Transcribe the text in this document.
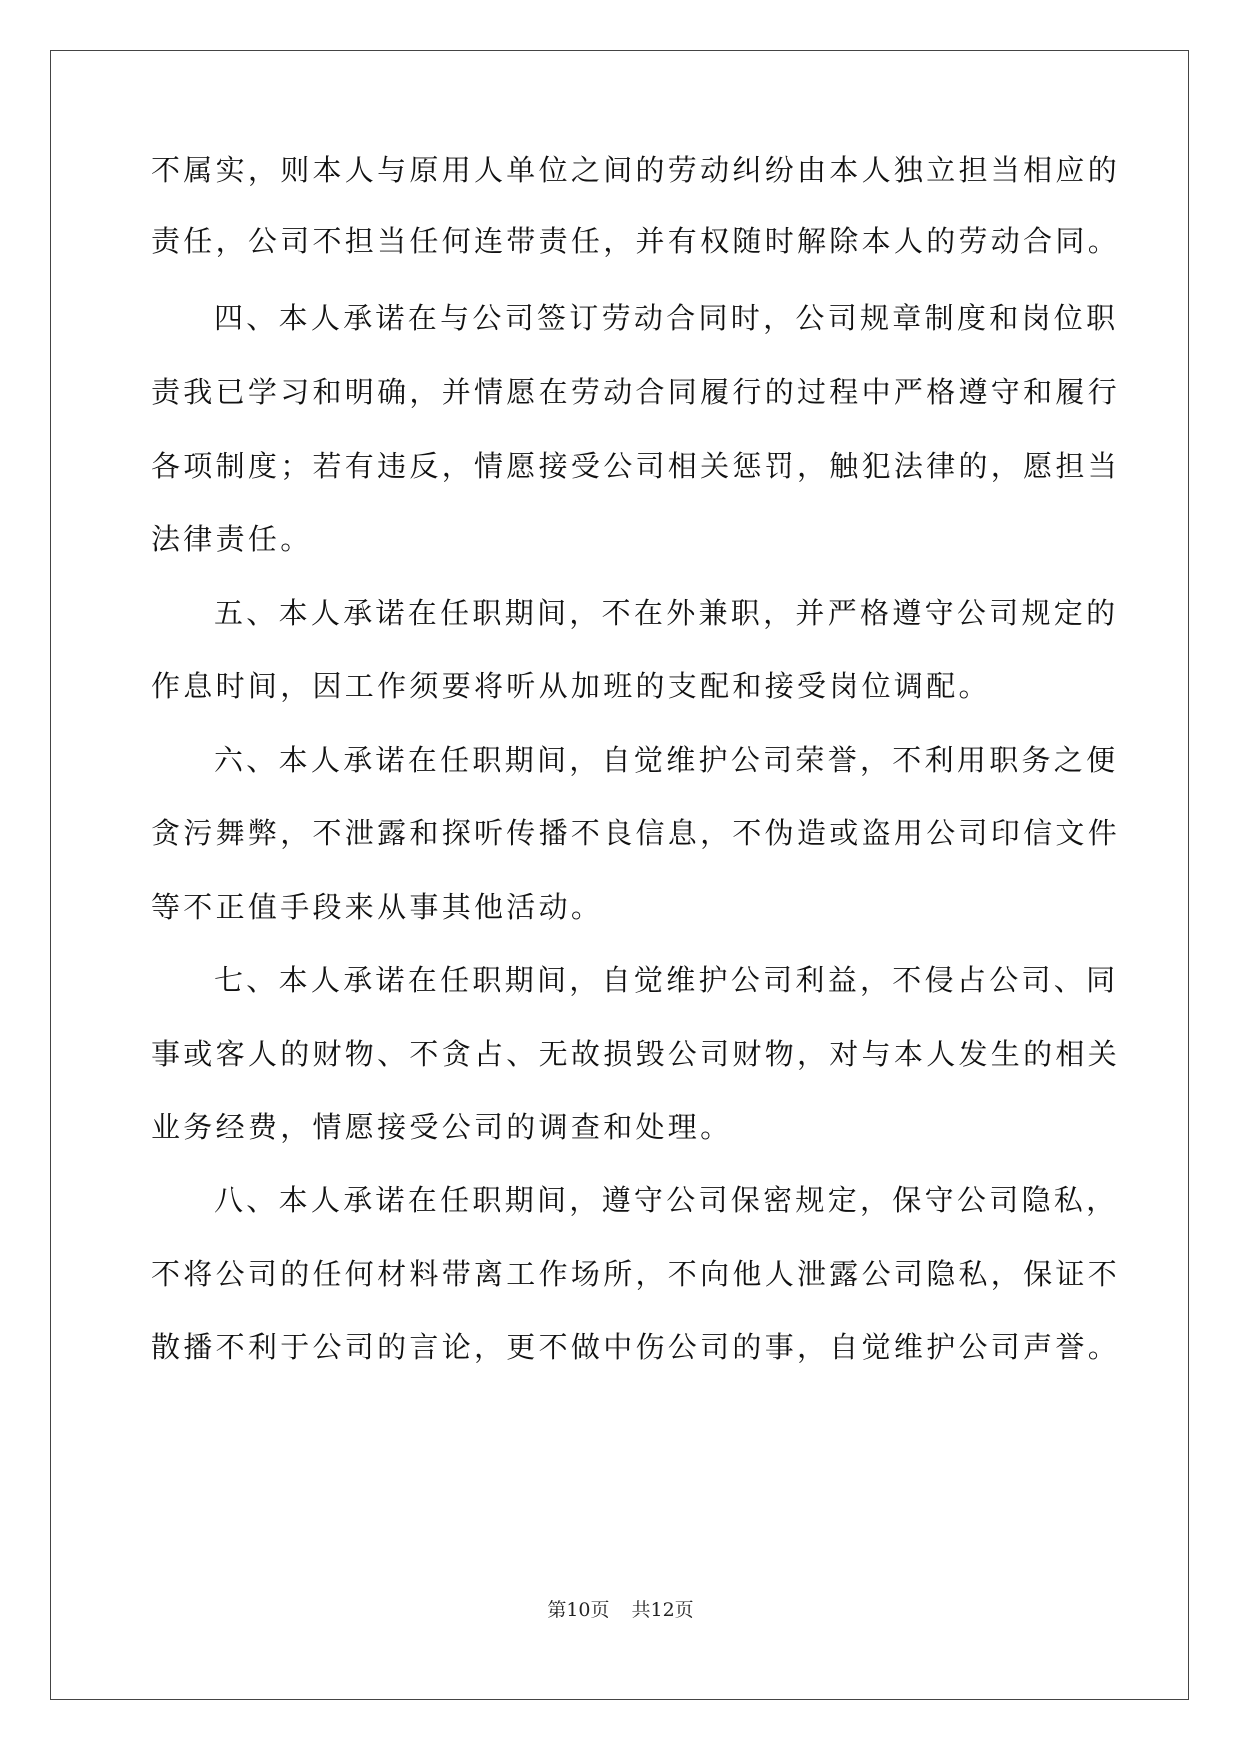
不属实，则本人与原用人单位之间的劳动纠纷由本人独立担当相应的
责任，公司不担当任何连带责任，并有权随时解除本人的劳动合同。
四、本人承诺在与公司签订劳动合同时，公司规章制度和岗位职
责我已学习和明确，并情愿在劳动合同履行的过程中严格遵守和履行
各项制度；若有违反，情愿接受公司相关惩罚，触犯法律的，愿担当
法律责任。
五、本人承诺在任职期间，不在外兼职，并严格遵守公司规定的
作息时间，因工作须要将听从加班的支配和接受岗位调配。
六、本人承诺在任职期间，自觉维护公司荣誉，不利用职务之便
贪污舞弊，不泄露和探听传播不良信息，不伪造或盗用公司印信文件
等不正值手段来从事其他活动。
七、本人承诺在任职期间，自觉维护公司利益，不侵占公司、同
事或客人的财物、不贪占、无故损毁公司财物，对与本人发生的相关
业务经费，情愿接受公司的调查和处理。
八、本人承诺在任职期间，遵守公司保密规定，保守公司隐私，
不将公司的任何材料带离工作场所，不向他人泄露公司隐私，保证不
散播不利于公司的言论，更不做中伤公司的事，自觉维护公司声誉。
第10页 共12页
